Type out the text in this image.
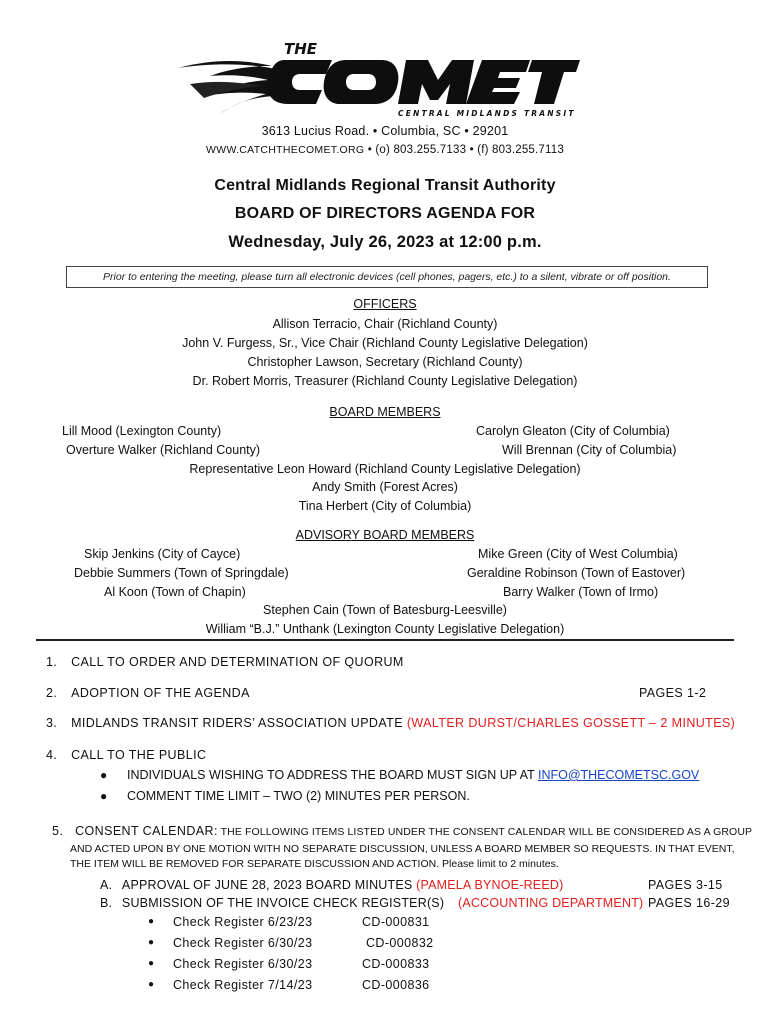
THE
CENTRAL MIDLANDS TRANSIT
3613 Lucius Road. • Columbia, SC • 29201
WWW.CATCHTHECOMET.ORG • (o) 803.255.7133 • (f) 803.255.7113
Central Midlands Regional Transit Authority
BOARD OF DIRECTORS AGENDA FOR
Wednesday, July 26, 2023 at 12:00 p.m.
Prior to entering the meeting, please turn all electronic devices (cell phones, pagers, etc.) to a silent, vibrate or off position.
OFFICERS
Allison Terracio, Chair (Richland County)
John V. Furgess, Sr., Vice Chair (Richland County Legislative Delegation)
Christopher Lawson, Secretary (Richland County)
Dr. Robert Morris, Treasurer (Richland County Legislative Delegation)
BOARD MEMBERS
Lill Mood (Lexington County)	Carolyn Gleaton (City of Columbia)
Overture Walker (Richland County)	Will Brennan (City of Columbia)
Representative Leon Howard (Richland County Legislative Delegation)
Andy Smith (Forest Acres)
Tina Herbert (City of Columbia)
ADVISORY BOARD MEMBERS
Skip Jenkins (City of Cayce)	Mike Green (City of West Columbia)
Debbie Summers (Town of Springdale)	Geraldine Robinson (Town of Eastover)
Al Koon (Town of Chapin)	Barry Walker (Town of Irmo)
Stephen Cain (Town of Batesburg-Leesville)
William “B.J.” Unthank (Lexington County Legislative Delegation)
1. CALL TO ORDER AND DETERMINATION OF QUORUM
2. ADOPTION OF THE AGENDA	PAGES 1-2
3. MIDLANDS TRANSIT RIDERS’ ASSOCIATION UPDATE (WALTER DURST/CHARLES GOSSETT – 2 MINUTES)
4. CALL TO THE PUBLIC
● INDIVIDUALS WISHING TO ADDRESS THE BOARD MUST SIGN UP AT INFO@THECOMETSC.GOV
● COMMENT TIME LIMIT – TWO (2) MINUTES PER PERSON.
5. CONSENT CALENDAR: THE FOLLOWING ITEMS LISTED UNDER THE CONSENT CALENDAR WILL BE CONSIDERED AS A GROUP
AND ACTED UPON BY ONE MOTION WITH NO SEPARATE DISCUSSION, UNLESS A BOARD MEMBER SO REQUESTS. IN THAT EVENT,
THE ITEM WILL BE REMOVED FOR SEPARATE DISCUSSION AND ACTION. Please limit to 2 minutes.
A. APPROVAL OF JUNE 28, 2023 BOARD MINUTES (PAMELA BYNOE-REED)	PAGES 3-15
B. SUBMISSION OF THE INVOICE CHECK REGISTER(S) (ACCOUNTING DEPARTMENT) PAGES 16-29
● Check Register 6/23/23	CD-000831
● Check Register 6/30/23	CD-000832
● Check Register 6/30/23	CD-000833
● Check Register 7/14/23	CD-000836
